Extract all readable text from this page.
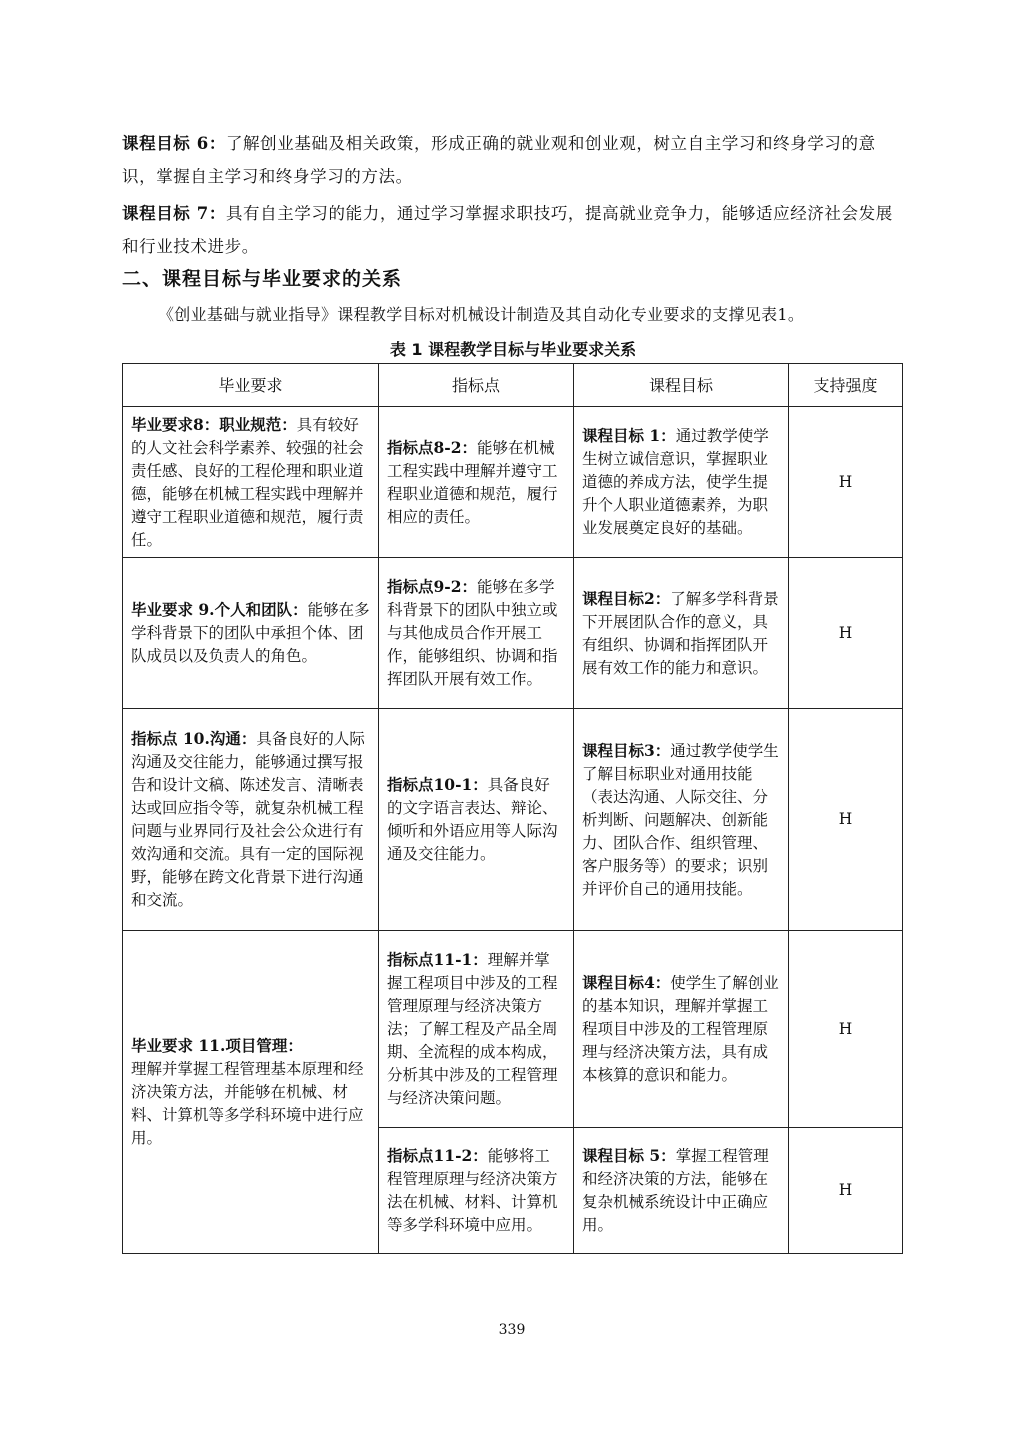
课程目标 6：了解创业基础及相关政策，形成正确的就业观和创业观，树立自主学习和终身学习的意识，掌握自主学习和终身学习的方法。
课程目标 7：具有自主学习的能力，通过学习掌握求职技巧，提高就业竞争力，能够适应经济社会发展和行业技术进步。
二、课程目标与毕业要求的关系
《创业基础与就业指导》课程教学目标对机械设计制造及其自动化专业要求的支撑见表1。
表 1 课程教学目标与毕业要求关系
毕业要求	指标点	课程目标	支持强度
毕业要求8：职业规范：具有较好的人文社会科学素养、较强的社会责任感、良好的工程伦理和职业道德，能够在机械工程实践中理解并遵守工程职业道德和规范，履行责任。	指标点8-2：能够在机械工程实践中理解并遵守工程职业道德和规范，履行相应的责任。	课程目标 1：通过教学使学生树立诚信意识，掌握职业道德的养成方法，使学生提升个人职业道德素养，为职业发展奠定良好的基础。	H
毕业要求 9.个人和团队：能够在多学科背景下的团队中承担个体、团队成员以及负责人的角色。	指标点9-2：能够在多学科背景下的团队中独立或与其他成员合作开展工作，能够组织、协调和指挥团队开展有效工作。	课程目标2：了解多学科背景下开展团队合作的意义，具有组织、协调和指挥团队开展有效工作的能力和意识。	H
指标点 10.沟通：具备良好的人际沟通及交往能力，能够通过撰写报告和设计文稿、陈述发言、清晰表达或回应指令等，就复杂机械工程问题与业界同行及社会公众进行有效沟通和交流。具有一定的国际视野，能够在跨文化背景下进行沟通和交流。	指标点10-1：具备良好的文字语言表达、辩论、倾听和外语应用等人际沟通及交往能力。	课程目标3：通过教学使学生了解目标职业对通用技能（表达沟通、人际交往、分析判断、问题解决、创新能力、团队合作、组织管理、客户服务等）的要求；识别并评价自己的通用技能。	H
毕业要求 11.项目管理：
理解并掌握工程管理基本原理和经济决策方法，并能够在机械、材料、计算机等多学科环境中进行应用。	指标点11-1：理解并掌握工程项目中涉及的工程管理原理与经济决策方法；了解工程及产品全周期、全流程的成本构成，分析其中涉及的工程管理与经济决策问题。	课程目标4：使学生了解创业的基本知识，理解并掌握工程项目中涉及的工程管理原理与经济决策方法，具有成本核算的意识和能力。	H
	指标点11-2：能够将工程管理原理与经济决策方法在机械、材料、计算机等多学科环境中应用。	课程目标 5：掌握工程管理和经济决策的方法，能够在复杂机械系统设计中正确应用。	H
339
